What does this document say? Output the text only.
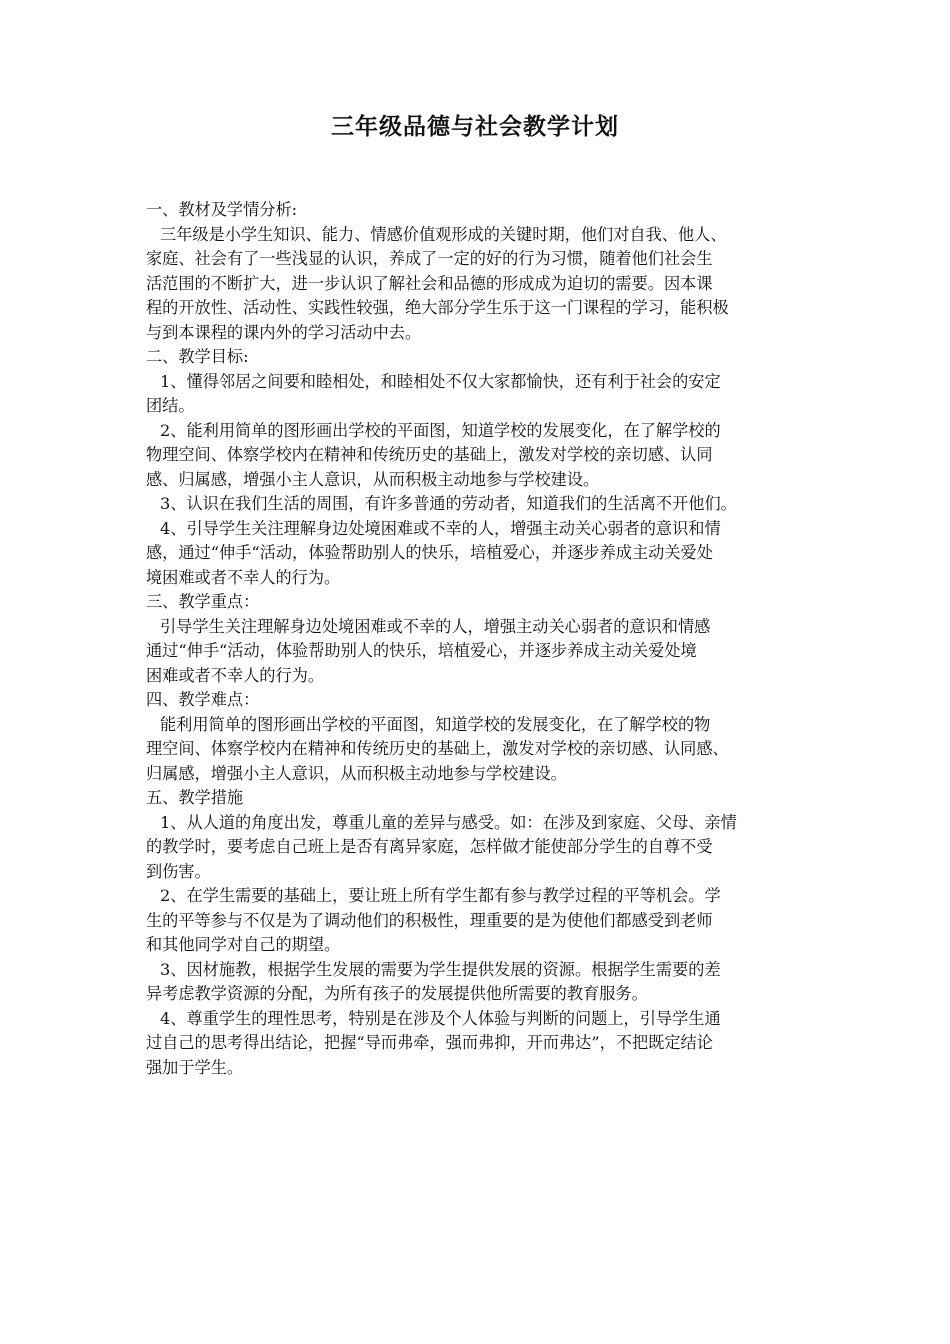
三年级品德与社会教学计划
一、教材及学情分析:
三年级是小学生知识、能力、情感价值观形成的关键时期，他们对自我、他人、
家庭、社会有了一些浅显的认识，养成了一定的好的行为习惯，随着他们社会生
活范围的不断扩大，进一步认识了解社会和品德的形成成为迫切的需要。因本课
程的开放性、活动性、实践性较强，绝大部分学生乐于这一门课程的学习，能积极
与到本课程的课内外的学习活动中去。
二、教学目标:
1、懂得邻居之间要和睦相处，和睦相处不仅大家都愉快，还有利于社会的安定
团结。
2、能利用简单的图形画出学校的平面图，知道学校的发展变化，在了解学校的
物理空间、体察学校内在精神和传统历史的基础上，激发对学校的亲切感、认同
感、归属感，增强小主人意识，从而积极主动地参与学校建设。
3、认识在我们生活的周围，有许多普通的劳动者，知道我们的生活离不开他们。
4、引导学生关注理解身边处境困难或不幸的人，增强主动关心弱者的意识和情
感，通过“伸手“活动，体验帮助别人的快乐，培植爱心，并逐步养成主动关爱处
境困难或者不幸人的行为。
三、教学重点：
引导学生关注理解身边处境困难或不幸的人，增强主动关心弱者的意识和情感
通过“伸手“活动，体验帮助别人的快乐，培植爱心，并逐步养成主动关爱处境
困难或者不幸人的行为。
四、教学难点：
能利用简单的图形画出学校的平面图，知道学校的发展变化，在了解学校的物
理空间、体察学校内在精神和传统历史的基础上，激发对学校的亲切感、认同感、
归属感，增强小主人意识，从而积极主动地参与学校建设。
五、教学措施
1、从人道的角度出发，尊重儿童的差异与感受。如：在涉及到家庭、父母、亲情
的教学时，要考虑自己班上是否有离异家庭，怎样做才能使部分学生的自尊不受
到伤害。
2、在学生需要的基础上，要让班上所有学生都有参与教学过程的平等机会。学
生的平等参与不仅是为了调动他们的积极性，理重要的是为使他们都感受到老师
和其他同学对自己的期望。
3、因材施教，根据学生发展的需要为学生提供发展的资源。根据学生需要的差
异考虑教学资源的分配，为所有孩子的发展提供他所需要的教育服务。
4、尊重学生的理性思考，特别是在涉及个人体验与判断的问题上，引导学生通
过自己的思考得出结论，把握“导而弗牵，强而弗抑，开而弗达”，不把既定结论
强加于学生。
